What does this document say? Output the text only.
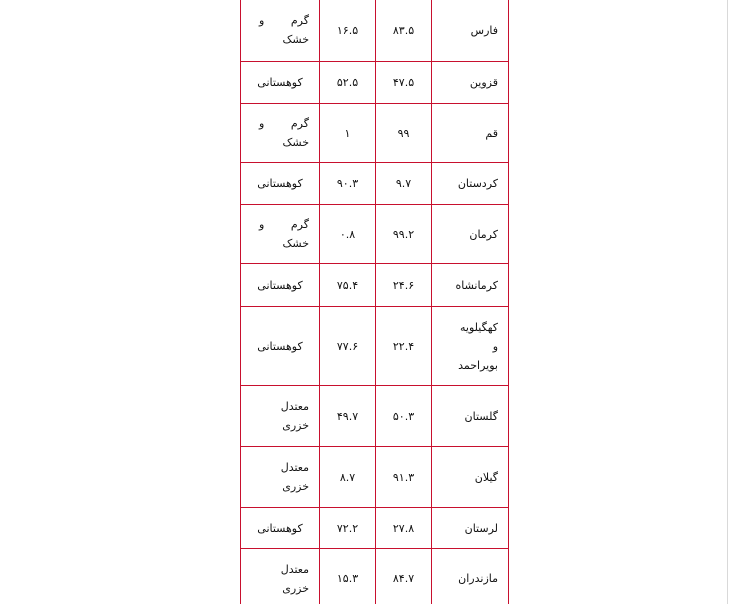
فارس	۸۳.۵	۱۶.۵	گرم و
خشک

قزوین	۴۷.۵	۵۲.۵	کوهستانی
قم	۹۹	۱	گرم و
خشک

کردستان	۹.۷	۹۰.۳	کوهستانی
کرمان	۹۹.۲	۰.۸	گرم و
خشک

کرمانشاه	۲۴.۶	۷۵.۴	کوهستانی

کهگیلویه
و
بویراحمد	۲۲.۴	۷۷.۶	کوهستانی
گلستان	۵۰.۳	۴۹.۷	معتدل
خزری

گیلان	۹۱.۳	۸.۷	معتدل
خزری

لرستان	۲۷.۸	۷۲.۲	کوهستانی
مازندران	۸۴.۷	۱۵.۳	معتدل
خزری
